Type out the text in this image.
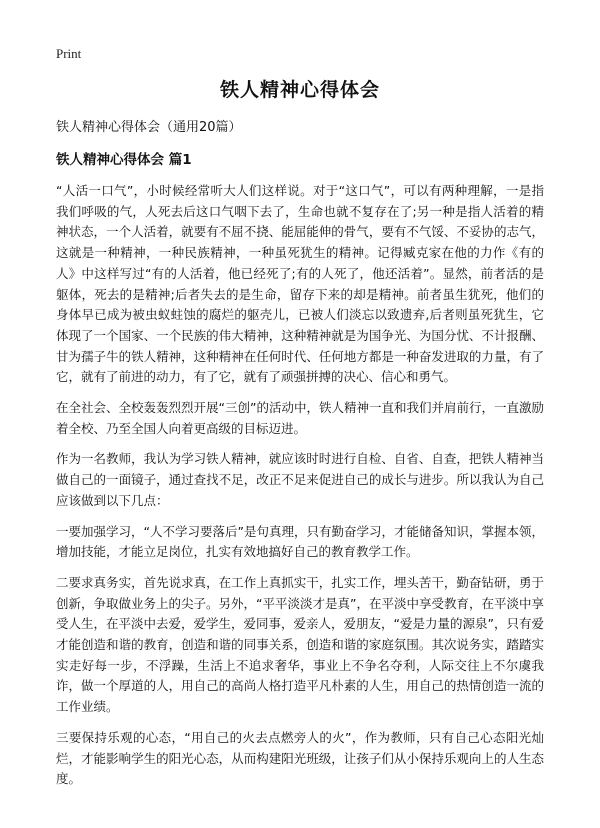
Print
铁人精神心得体会

铁人精神心得体会（通用20篇）

铁人精神心得体会 篇1

“人活一口气”，小时候经常听大人们这样说。对于“这口气”，可以有两种理解，一是指我们呼吸的气，人死去后这口气咽下去了，生命也就不复存在了;另一种是指人活着的精神状态，一个人活着，就要有不屈不挠、能屈能伸的骨气，要有不气馁、不妥协的志气，这就是一种精神，一种民族精神，一种虽死犹生的精神。记得臧克家在他的力作《有的人》中这样写过“有的人活着，他已经死了;有的人死了，他还活着”。显然，前者活的是躯体，死去的是精神;后者失去的是生命，留存下来的却是精神。前者虽生犹死，他们的身体早已成为被虫蚁蛀蚀的腐烂的躯壳儿，已被人们淡忘以致遗弃,后者则虽死犹生，它体现了一个国家、一个民族的伟大精神，这种精神就是为国争光、为国分忧、不计报酬、甘为孺子牛的铁人精神，这种精神在任何时代、任何地方都是一种奋发进取的力量，有了它，就有了前进的动力，有了它，就有了顽强拼搏的决心、信心和勇气。

在全社会、全校轰轰烈烈开展“三创”的活动中，铁人精神一直和我们并肩前行，一直激励着全校、乃至全国人向着更高级的目标迈进。

作为一名教师，我认为学习铁人精神，就应该时时进行自检、自省、自查，把铁人精神当做自己的一面镜子，通过查找不足，改正不足来促进自己的成长与进步。所以我认为自己应该做到以下几点：

一要加强学习，“人不学习要落后”是句真理，只有勤奋学习，才能储备知识，掌握本领，增加技能，才能立足岗位，扎实有效地搞好自己的教育教学工作。

二要求真务实，首先说求真，在工作上真抓实干，扎实工作，埋头苦干，勤奋钻研，勇于创新，争取做业务上的尖子。另外，“平平淡淡才是真”，在平淡中享受教育，在平淡中享受人生，在平淡中去爱，爱学生，爱同事，爱亲人，爱朋友，“爱是力量的源泉”，只有爱才能创造和谐的教育，创造和谐的同事关系，创造和谐的家庭氛围。其次说务实，踏踏实实走好每一步，不浮躁，生活上不追求奢华，事业上不争名夺利，人际交往上不尔虞我诈，做一个厚道的人，用自己的高尚人格打造平凡朴素的人生，用自己的热情创造一流的工作业绩。

三要保持乐观的心态，“用自己的火去点燃旁人的火”，作为教师，只有自己心态阳光灿烂，才能影响学生的阳光心态，从而构建阳光班级，让孩子们从小保持乐观向上的人生态度。
